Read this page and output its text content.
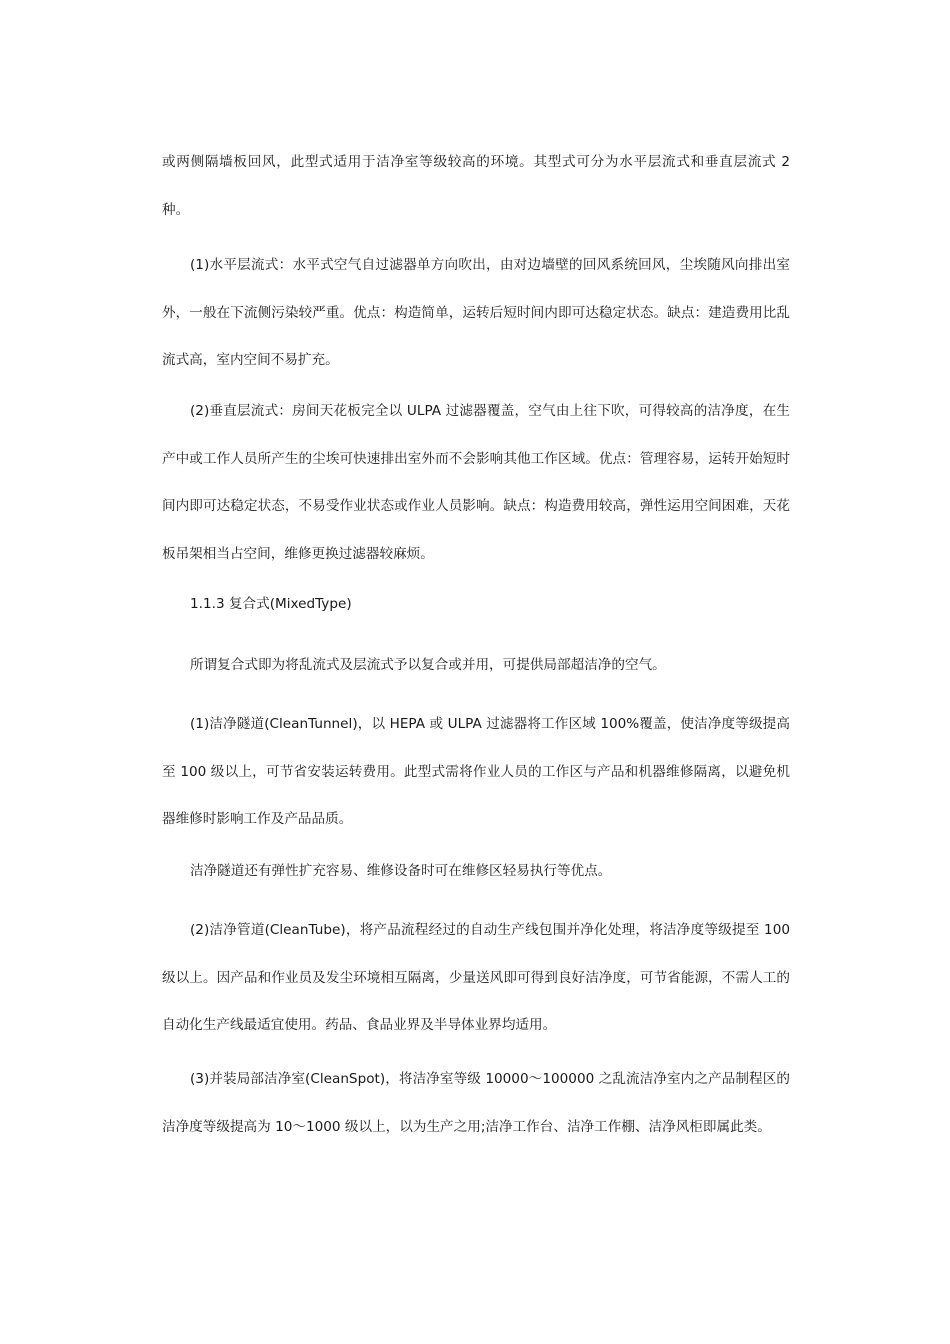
或两侧隔墙板回风，此型式适用于洁净室等级较高的环境。其型式可分为水平层流式和垂直层流式 2 种。

(1)水平层流式：水平式空气自过滤器单方向吹出，由对边墙壁的回风系统回风，尘埃随风向排出室外，一般在下流侧污染较严重。优点：构造简单，运转后短时间内即可达稳定状态。缺点：建造费用比乱流式高，室内空间不易扩充。

(2)垂直层流式：房间天花板完全以 ULPA 过滤器覆盖，空气由上往下吹，可得较高的洁净度，在生产中或工作人员所产生的尘埃可快速排出室外而不会影响其他工作区域。优点：管理容易，运转开始短时间内即可达稳定状态，不易受作业状态或作业人员影响。缺点：构造费用较高，弹性运用空间困难，天花板吊架相当占空间，维修更换过滤器较麻烦。

1.1.3 复合式(MixedType)

所谓复合式即为将乱流式及层流式予以复合或并用，可提供局部超洁净的空气。

(1)洁净隧道(CleanTunnel)，以 HEPA 或 ULPA 过滤器将工作区域 100%覆盖，使洁净度等级提高至 100 级以上，可节省安装运转费用。此型式需将作业人员的工作区与产品和机器维修隔离，以避免机器维修时影响工作及产品品质。

洁净隧道还有弹性扩充容易、维修设备时可在维修区轻易执行等优点。

(2)洁净管道(CleanTube)，将产品流程经过的自动生产线包围并净化处理，将洁净度等级提至 100 级以上。因产品和作业员及发尘环境相互隔离，少量送风即可得到良好洁净度，可节省能源，不需人工的自动化生产线最适宜使用。药品、食品业界及半导体业界均适用。

(3)并装局部洁净室(CleanSpot)，将洁净室等级 10000～100000 之乱流洁净室内之产品制程区的洁净度等级提高为 10～1000 级以上，以为生产之用;洁净工作台、洁净工作棚、洁净风柜即属此类。
